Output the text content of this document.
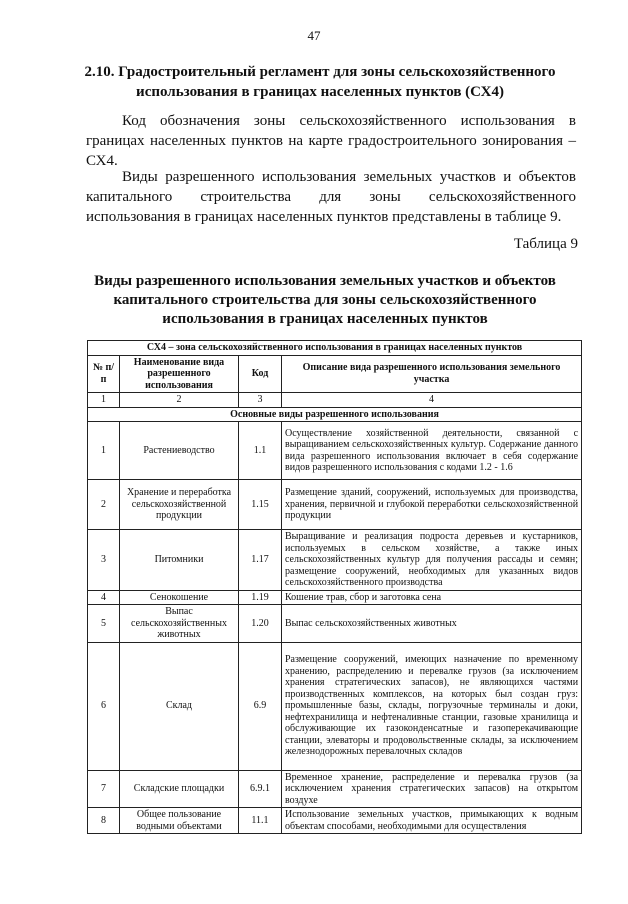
47
2.10. Градостроительный регламент для зоны сельскохозяйственного использования в границах населенных пунктов (СХ4)
Код обозначения зоны сельскохозяйственного использования в границах населенных пунктов на карте градостроительного зонирования – СХ4.
Виды разрешенного использования земельных участков и объектов капитального строительства для зоны сельскохозяйственного использования в границах населенных пунктов представлены в таблице 9.
Таблица 9
Виды разрешенного использования земельных участков и объектов капитального строительства для зоны сельскохозяйственного использования в границах населенных пунктов
СХ4 – зона сельскохозяйственного использования в границах населенных пунктов			
№ п/п	Наименование вида разрешенного использования	Код	Описание вида разрешенного использования земельного участка
1	2	3	4
Основные виды разрешенного использования			
1	Растениеводство	1.1	Осуществление хозяйственной деятельности, связанной с выращиванием сельскохозяйственных культур. Содержание данного вида разрешенного использования включает в себя содержание видов разрешенного использования с кодами 1.2 - 1.6
2	Хранение и переработка сельскохозяйственной продукции	1.15	Размещение зданий, сооружений, используемых для производства, хранения, первичной и глубокой переработки сельскохозяйственной продукции
3	Питомники	1.17	Выращивание и реализация подроста деревьев и кустарников, используемых в сельском хозяйстве, а также иных сельскохозяйственных культур для получения рассады и семян; размещение сооружений, необходимых для указанных видов сельскохозяйственного производства
4	Сенокошение	1.19	Кошение трав, сбор и заготовка сена
5	Выпас сельскохозяйственных животных	1.20	Выпас сельскохозяйственных животных
6	Склад	6.9	Размещение сооружений, имеющих назначение по временному хранению, распределению и перевалке грузов (за исключением хранения стратегических запасов), не являющихся частями производственных комплексов, на которых был создан груз: промышленные базы, склады, погрузочные терминалы и доки, нефтехранилища и нефтеналивные станции, газовые хранилища и обслуживающие их газоконденсатные и газоперекачивающие станции, элеваторы и продовольственные склады, за исключением железнодорожных перевалочных складов
7	Складские площадки	6.9.1	Временное хранение, распределение и перевалка грузов (за исключением хранения стратегических запасов) на открытом воздухе
8	Общее пользование водными объектами	11.1	Использование земельных участков, примыкающих к водным объектам способами, необходимыми для осуществления
